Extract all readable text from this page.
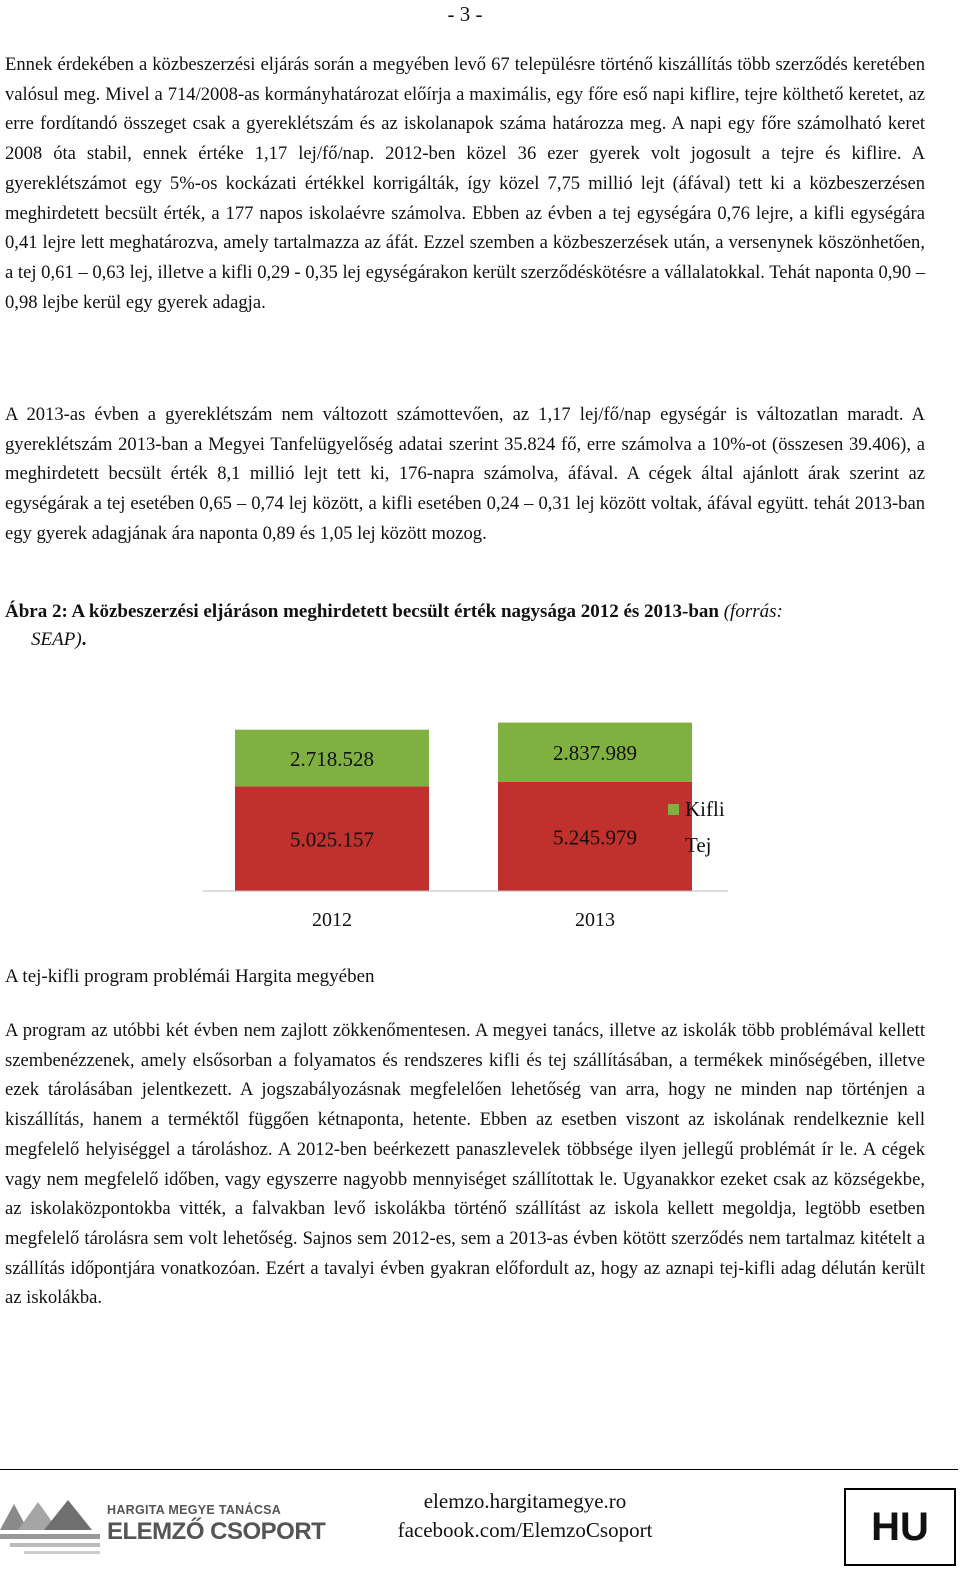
- 3 -

Ennek érdekében a közbeszerzési eljárás során a megyében levő 67 településre történő kiszállítás több szerződés keretében valósul meg. Mivel a 714/2008-as kormányhatározat előírja a maximális, egy főre eső napi kiflire, tejre költhető keretet, az erre fordítandó összeget csak a gyereklétszám és az iskolanapok száma határozza meg. A napi egy főre számolható keret 2008 óta stabil, ennek értéke 1,17 lej/fő/nap. 2012-ben közel 36 ezer gyerek volt jogosult a tejre és kiflire. A gyereklétszámot egy 5%-os kockázati értékkel korrigálták, így közel 7,75 millió lejt (áfával) tett ki a közbeszerzésen meghirdetett becsült érték, a 177 napos iskolaévre számolva. Ebben az évben a tej egységára 0,76 lejre, a kifli egységára 0,41 lejre lett meghatározva, amely tartalmazza az áfát. Ezzel szemben a közbeszerzések után, a versenynek köszönhetően, a tej 0,61 – 0,63 lej, illetve a kifli 0,29 - 0,35 lej egységárakon került szerződéskötésre a vállalatokkal. Tehát naponta 0,90 – 0,98 lejbe kerül egy gyerek adagja.

A 2013-as évben a gyereklétszám nem változott számottevően, az 1,17 lej/fő/nap egységár is változatlan maradt. A gyereklétszám 2013-ban a Megyei Tanfelügyelőség adatai szerint 35.824 fő, erre számolva a 10%-ot (összesen 39.406), a meghirdetett becsült érték 8,1 millió lejt tett ki, 176-napra számolva, áfával. A cégek által ajánlott árak szerint az egységárak a tej esetében 0,65 – 0,74 lej között, a kifli esetében 0,24 – 0,31 lej között voltak, áfával együtt. tehát 2013-ban egy gyerek adagjának ára naponta 0,89 és 1,05 lej között mozog.

Ábra 2: A közbeszerzési eljáráson meghirdetett becsült érték nagysága 2012 és 2013-ban (forrás:
SEAP).

5.025.157
2.718.528
2012
5.245.979
2.837.989
2013
Kifli
Tej
A tej-kifli program problémái Hargita megyében

A program az utóbbi két évben nem zajlott zökkenőmentesen. A megyei tanács, illetve az iskolák több problémával kellett szembenézzenek, amely elsősorban a folyamatos és rendszeres kifli és tej szállításában, a termékek minőségében, illetve ezek tárolásában jelentkezett. A jogszabályozásnak megfelelően lehetőség van arra, hogy ne minden nap történjen a kiszállítás, hanem a terméktől függően kétnaponta, hetente. Ebben az esetben viszont az iskolának rendelkeznie kell megfelelő helyiséggel a tároláshoz. A 2012-ben beérkezett panaszlevelek többsége ilyen jellegű problémát ír le. A cégek vagy nem megfelelő időben, vagy egyszerre nagyobb mennyiséget szállítottak le. Ugyanakkor ezeket csak az községekbe, az iskolaközpontokba vitték, a falvakban levő iskolákba történő szállítást az iskola kellett megoldja, legtöbb esetben megfelelő tárolásra sem volt lehetőség. Sajnos sem 2012-es, sem a 2013-as évben kötött szerződés nem tartalmaz kitételt a szállítás időpontjára vonatkozóan. Ezért a tavalyi évben gyakran előfordult az, hogy az aznapi tej-kifli adag délután került az iskolákba.

HARGITA MEGYE TANÁCSA
ELEMZŐ CSOPORT
elemzo.hargitamegye.ro
facebook.com/ElemzoCsoport	HU
